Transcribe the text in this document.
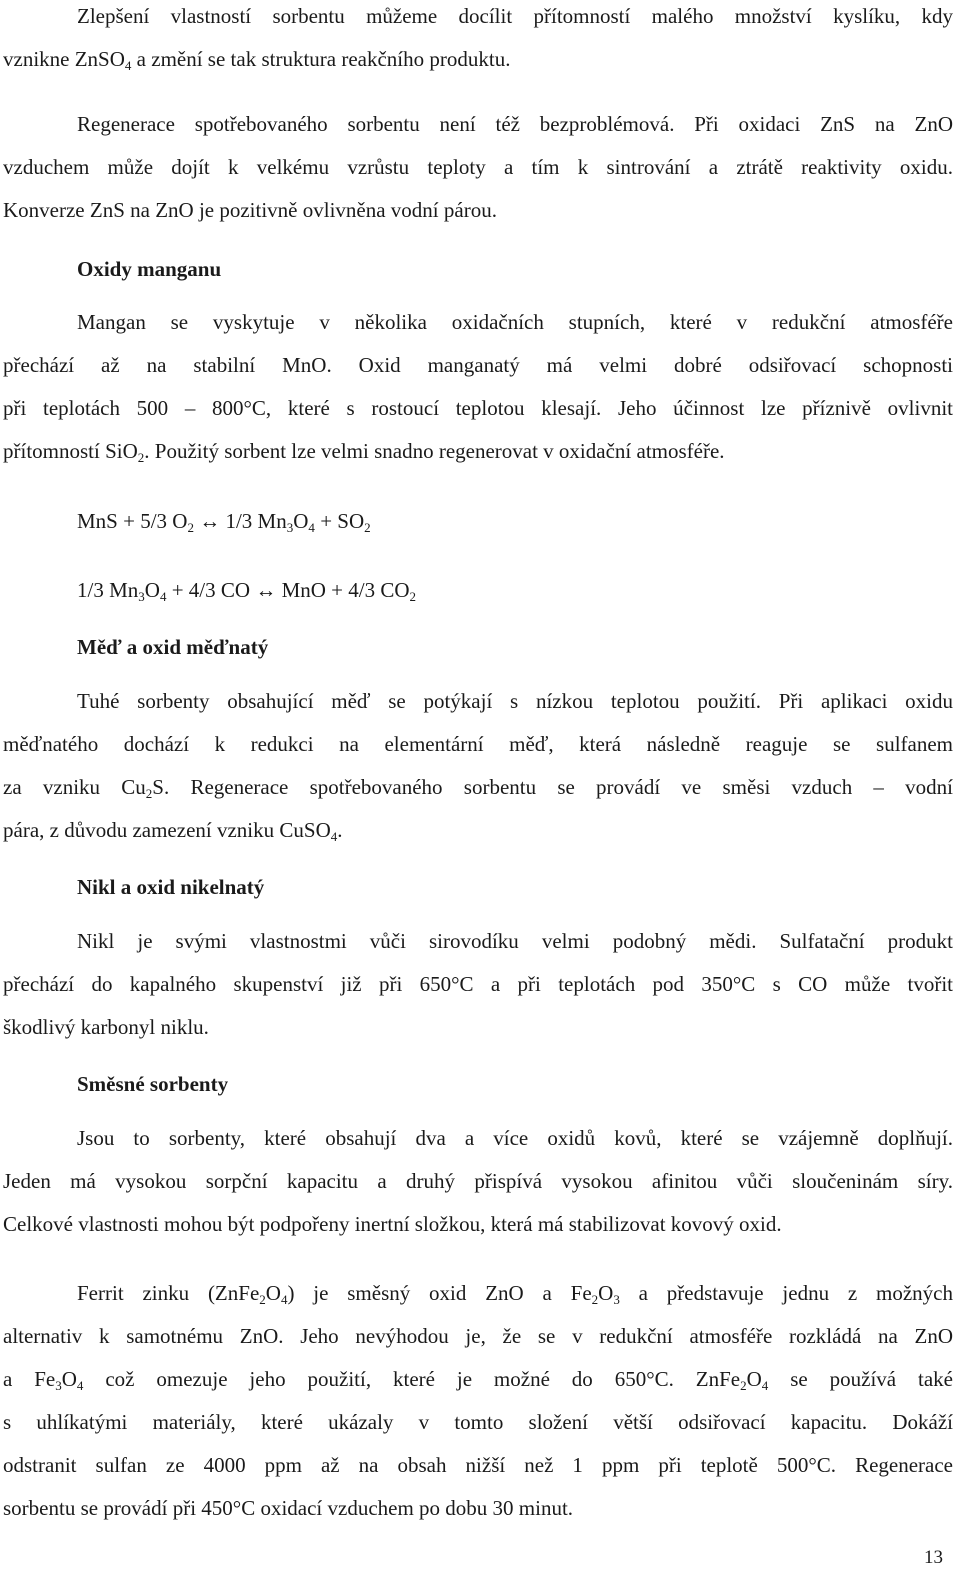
Zlepšení vlastností sorbentu můžeme docílit přítomností malého množství kyslíku, kdy
vznikne ZnSO$_4$ a změní se tak struktura reakčního produktu.
Regenerace spotřebovaného sorbentu není též bezproblémová. Při oxidaci ZnS na ZnO
vzduchem může dojít k velkému vzrůstu teploty a tím k sintrování a ztrátě reaktivity oxidu.
Konverze ZnS na ZnO je pozitivně ovlivněna vodní párou.
Oxidy manganu
Mangan se vyskytuje v několika oxidačních stupních, které v redukční atmosféře
přechází až na stabilní MnO. Oxid manganatý má velmi dobré odsiřovací schopnosti
při teplotách 500 – 800°C, které s rostoucí teplotou klesají. Jeho účinnost lze příznivě ovlivnit
přítomností SiO$_2$. Použitý sorbent lze velmi snadno regenerovat v oxidační atmosféře.
MnS + 5/3 $O_2$ ↔ 1/3 $Mn_3O_4 + SO_2$
1/3 $Mn_3O_4 + 4/3$ CO ↔ MnO + 4/3 $CO_2$
Měď a oxid měďnatý
Tuhé sorbenty obsahující měď se potýkají s nízkou teplotou použití. Při aplikaci oxidu
měďnatého dochází k redukci na elementární měď, která následně reaguje se sulfanem
za vzniku $Cu_2S$. Regenerace spotřebovaného sorbentu se provádí ve směsi vzduch – vodní
pára, z důvodu zamezení vzniku CuSO$_4$.
Nikl a oxid nikelnatý
Nikl je svými vlastnostmi vůči sirovodíku velmi podobný mědi. Sulfatační produkt
přechází do kapalného skupenství již při 650°C a při teplotách pod 350°C s CO může tvořit
škodlivý karbonyl niklu.
Směsné sorbenty
Jsou to sorbenty, které obsahují dva a více oxidů kovů, které se vzájemně doplňují.
Jeden má vysokou sorpční kapacitu a druhý přispívá vysokou afinitou vůči sloučeninám síry.
Celkové vlastnosti mohou být podpořeny inertní složkou, která má stabilizovat kovový oxid.
Ferrit zinku $(ZnFe_2O_4)$ je směsný oxid ZnO a $Fe_2O_3$ a představuje jednu z možných
alternativ k samotnému ZnO. Jeho nevýhodou je, že se v redukční atmosféře rozkládá na ZnO
a $Fe_3O_4$ což omezuje jeho použití, které je možné do 650°C. $ZnFe_2O_4$ se používá také
s uhlíkatými materiály, které ukázaly v tomto složení větší odsiřovací kapacitu. Dokáží
odstranit sulfan ze 4000 ppm až na obsah nižší než 1 ppm při teplotě 500°C. Regenerace
sorbentu se provádí při 450°C oxidací vzduchem po dobu 30 minut.
13
